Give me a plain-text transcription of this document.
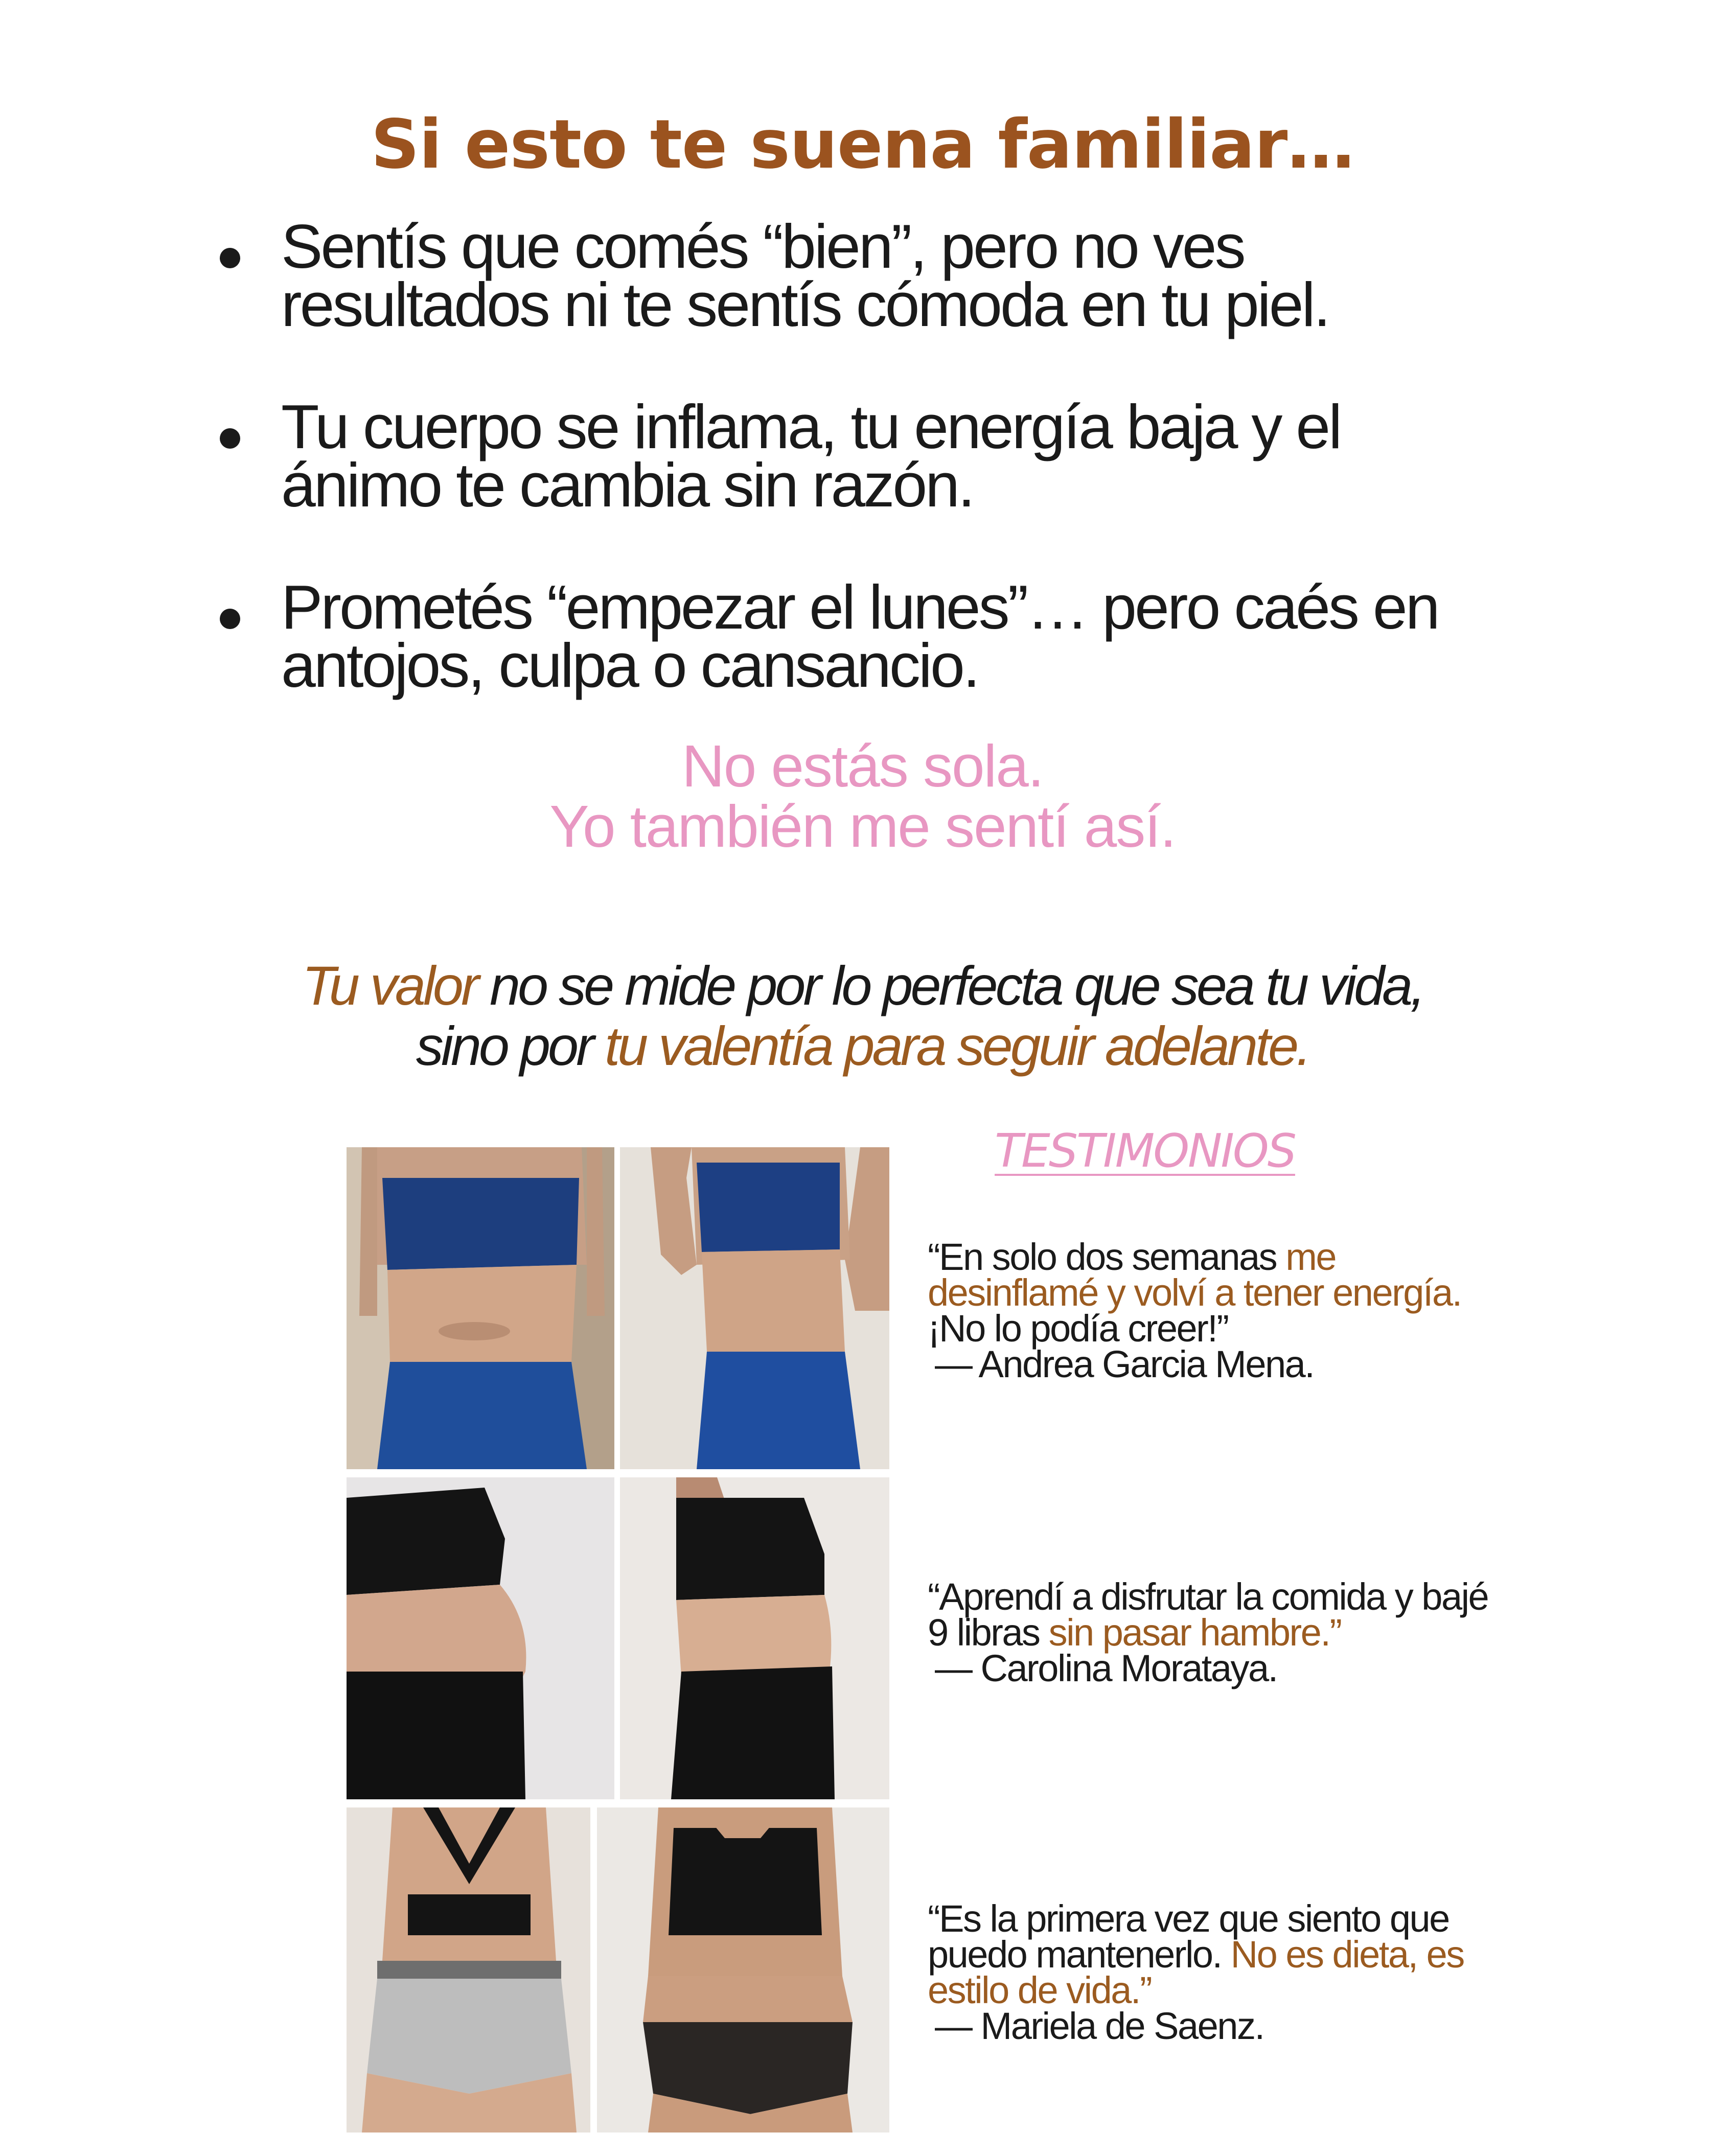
Si esto te suena familiar…
Sentís que comés “bien”, pero no ves
resultados ni te sentís cómoda en tu piel.
Tu cuerpo se inflama, tu energía baja y el
ánimo te cambia sin razón.
Prometés “empezar el lunes”… pero caés en
antojos, culpa o cansancio.
No estás sola.
Yo también me sentí así.
Tu valor no se mide por lo perfecta que sea tu vida,
sino por tu valentía para seguir adelante.
TESTIMONIOS
“En solo dos semanas me desinflamé y volví a tener energía. ¡No lo podía creer!”
— Andrea Garcia Mena.
“Aprendí a disfrutar la comida y bajé 9 libras sin pasar hambre.”
— Carolina Morataya.
“Es la primera vez que siento que puedo mantenerlo. No es dieta, es estilo de vida.”
— Mariela de Saenz.
